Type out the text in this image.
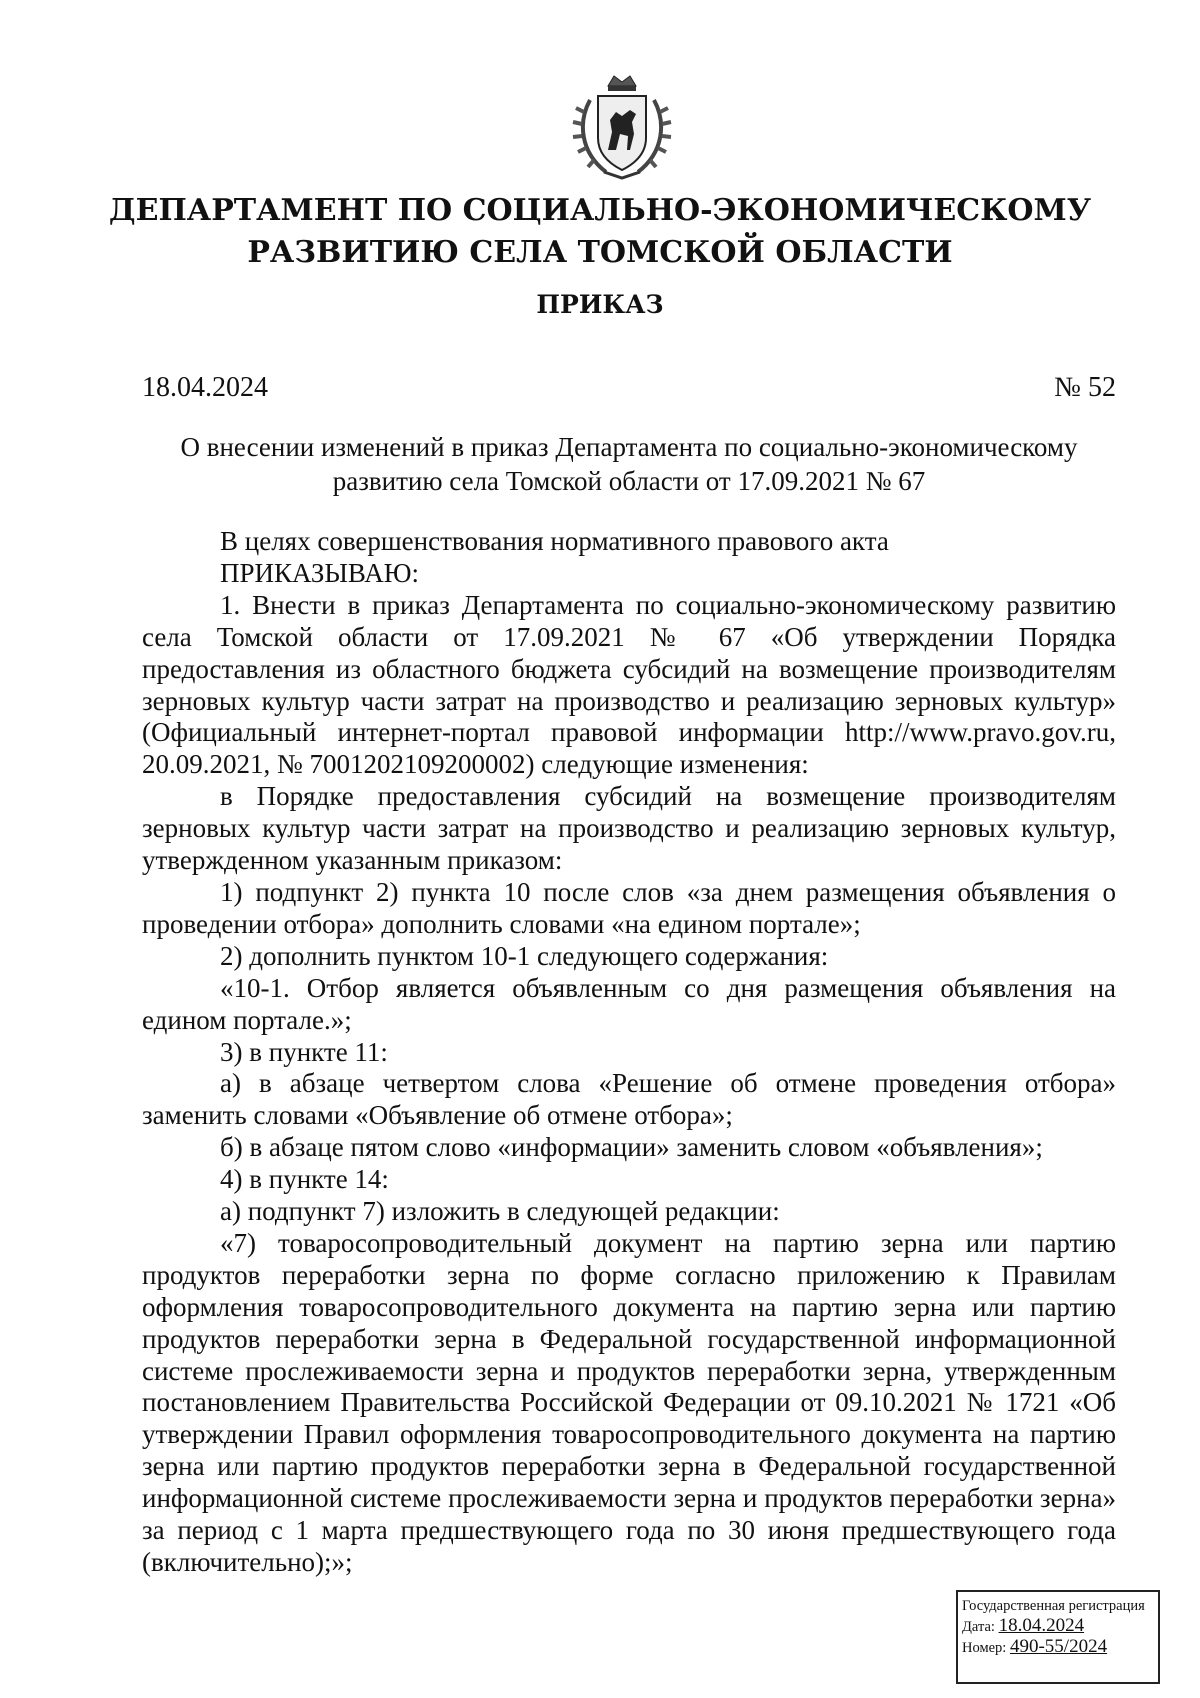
ДЕПАРТАМЕНТ ПО СОЦИАЛЬНО-ЭКОНОМИЧЕСКОМУ
РАЗВИТИЮ СЕЛА ТОМСКОЙ ОБЛАСТИ
ПРИКАЗ
18.04.2024	№ 52
О внесении изменений в приказ Департамента по социально-экономическому
развитию села Томской области от 17.09.2021 № 67

В целях совершенствования нормативного правового акта

ПРИКАЗЫВАЮ:

1. Внести в приказ Департамента по социально-экономическому развитию села Томской области от 17.09.2021 № 67 «Об утверждении Порядка предоставления из областного бюджета субсидий на возмещение производителям зерновых культур части затрат на производство и реализацию зерновых культур» (Официальный интернет-портал правовой информации http://www.pravo.gov.ru, 20.09.2021, № 7001202109200002) следующие изменения:

в Порядке предоставления субсидий на возмещение производителям зерновых культур части затрат на производство и реализацию зерновых культур, утвержденном указанным приказом:

1) подпункт 2) пункта 10 после слов «за днем размещения объявления о проведении отбора» дополнить словами «на едином портале»;

2) дополнить пунктом 10-1 следующего содержания:

«10-1. Отбор является объявленным со дня размещения объявления на едином портале.»;

3) в пункте 11:

а) в абзаце четвертом слова «Решение об отмене проведения отбора» заменить словами «Объявление об отмене отбора»;

б) в абзаце пятом слово «информации» заменить словом «объявления»;

4) в пункте 14:

а) подпункт 7) изложить в следующей редакции:

«7) товаросопроводительный документ на партию зерна или партию продуктов переработки зерна по форме согласно приложению к Правилам оформления товаросопроводительного документа на партию зерна или партию продуктов переработки зерна в Федеральной государственной информационной системе прослеживаемости зерна и продуктов переработки зерна, утвержденным постановлением Правительства Российской Федерации от 09.10.2021 № 1721 «Об утверждении Правил оформления товаросопроводительного документа на партию зерна или партию продуктов переработки зерна в Федеральной государственной информационной системе прослеживаемости зерна и продуктов переработки зерна» за период с 1 марта предшествующего года по 30 июня предшествующего года (включительно);»;

Государственная регистрация
Дата: 18.04.2024
Номер: 490-55/2024
